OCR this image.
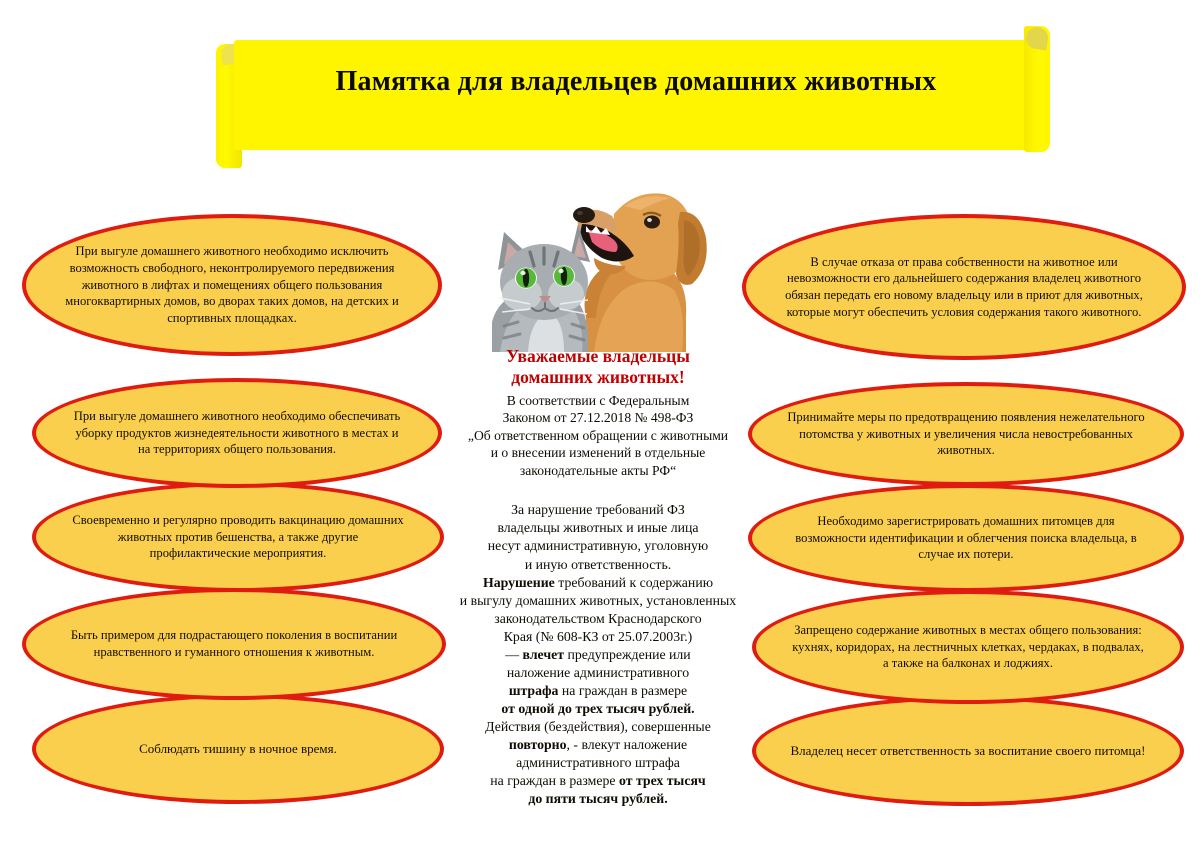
Памятка для владельцев домашних животных
При выгуле домашнего животного необходимо исключить возможность свободного, неконтролируемого передвижения животного в лифтах и помещениях общего пользования многоквартирных домов, во дворах таких домов, на детских и спортивных площадках.
При выгуле домашнего животного необходимо обеспечивать уборку продуктов жизнедеятельности животного в местах и на территориях общего пользования.
Своевременно и регулярно проводить вакцинацию домашних животных против бешенства, а также другие профилактические мероприятия.
Быть примером для подрастающего поколения в воспитании нравственного и гуманного отношения к животным.
Соблюдать тишину в ночное время.
В случае отказа от права собственности на животное или невозможности его дальнейшего содержания владелец животного обязан передать его новому владельцу или в приют для животных, которые могут обеспечить условия содержания такого животного.
Принимайте меры по предотвращению появления нежелательного потомства у животных и увеличения числа невостребованных животных.
Необходимо зарегистрировать домашних питомцев для возможности идентификации и облегчения поиска владельца, в случае их потери.
Запрещено содержание животных в местах общего пользования: кухнях, коридорах, на лестничных клетках, чердаках, в подвалах, а также на балконах и лоджиях.
Владелец несет ответственность за воспитание своего питомца!
Уважаемые владельцы
домашних животных!
В соответствии с Федеральным
Законом от 27.12.2018 № 498-ФЗ
„Об ответственном обращении с животными
и о внесении изменений в отдельные
законодательные акты РФ“
За нарушение требований ФЗ
владельцы животных и иные лица
несут административную, уголовную
и иную ответственность.
Нарушение требований к содержанию
и выгулу домашних животных, установленных
законодательством Краснодарского
Края (№ 608-КЗ от 25.07.2003г.)
— влечет предупреждение или
наложение административного
штрафа на граждан в размере
от одной до трех тысяч рублей.
Действия (бездействия), совершенные
повторно, - влекут наложение
административного штрафа
на граждан в размере от трех тысяч
до пяти тысяч рублей.
